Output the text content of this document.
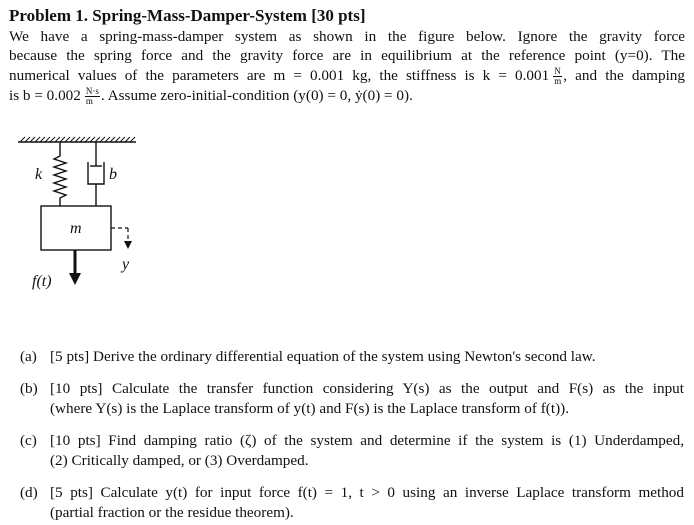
Problem 1. Spring-Mass-Damper-System [30 pts]
We have a spring-mass-damper system as shown in the figure below. Ignore the gravity force
because the spring force and the gravity force are in equilibrium at the reference point (y=0). The
numerical values of the parameters are m = 0.001 kg, the stiffness is $k = 0.001 \frac{N}{m}$ , and the damping
is $b = 0.002 \frac{N\cdot s}{m}$ . Assume zero-initial-condition (y(0) = 0, ẏ(0) = 0).
k	b
m
y
f(t)
(a) [5 pts] Derive the ordinary differential equation of the system using Newton's second law.
(b) [10 pts] Calculate the transfer function considering Y(s) as the output and F(s) as the input
(where Y(s) is the Laplace transform of y(t) and F(s) is the Laplace transform of f(t)).
(c) [10 pts] Find damping ratio (ζ) of the system and determine if the system is (1) Underdamped,
(2) Critically damped, or (3) Overdamped.
(d) [5 pts] Calculate y(t) for input force f(t) = 1, t > 0 using an inverse Laplace transform method
(partial fraction or the residue theorem).
